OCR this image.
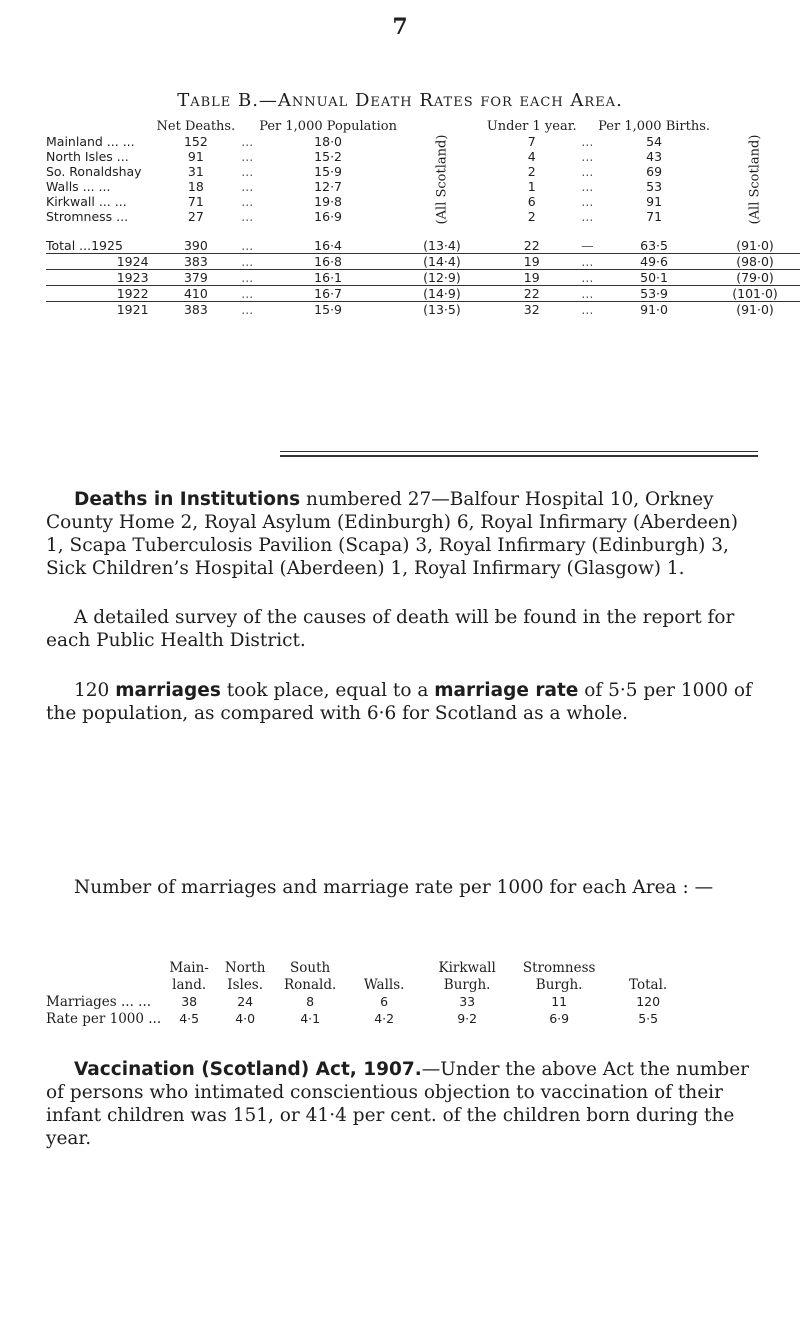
7
Table B.—Annual Death Rates for each Area.
	Net Deaths.		Per 1,000 Population		Under 1 year.		Per 1,000 Births.	
Mainland ... ...	152	...	18·0	(All Scotland)	7	...	54	(All Scotland)
North Isles ...	91	...	15·2		4	...	43	
So. Ronaldshay	31	...	15·9		2	...	69	
Walls ... ...	18	...	12·7		1	...	53	
Kirkwall ... ...	71	...	19·8		6	...	91	
Stromness ...	27	...	16·9		2	...	71	

Total ...1925	390	...	16·4	(13·4)	22	—	63·5	(91·0)
1924	383	...	16·8	(14·4)	19	...	49·6	(98·0)
1923	379	...	16·1	(12·9)	19	...	50·1	(79·0)
1922	410	...	16·7	(14·9)	22	...	53·9	(101·0)
1921	383	...	15·9	(13·5)	32	...	91·0	(91·0)
Deaths in Institutions numbered 27—Balfour Hospital 10, Orkney County Home 2, Royal Asylum (Edinburgh) 6, Royal Infirmary (Aberdeen) 1, Scapa Tuberculosis Pavilion (Scapa) 3, Royal Infirmary (Edinburgh) 3, Sick Children’s Hospital (Aberdeen) 1, Royal Infirmary (Glasgow) 1.
A detailed survey of the causes of death will be found in the report for each Public Health District.
120 marriages took place, equal to a marriage rate of 5·5 per 1000 of the population, as compared with 6·6 for Scotland as a whole.
Number of marriages and marriage rate per 1000 for each Area : —
	Main-	North	South		Kirkwall	Stromness	
	land.	Isles.	Ronald.	Walls.	Burgh.	Burgh.	Total.
Marriages ... ...	38	24	8	6	33	11	120
Rate per 1000 ...	4·5	4·0	4·1	4·2	9·2	6·9	5·5
Vaccination (Scotland) Act, 1907.—Under the above Act the number of persons who intimated conscientious objection to vaccination of their infant children was 151, or 41·4 per cent. of the children born during the year.
